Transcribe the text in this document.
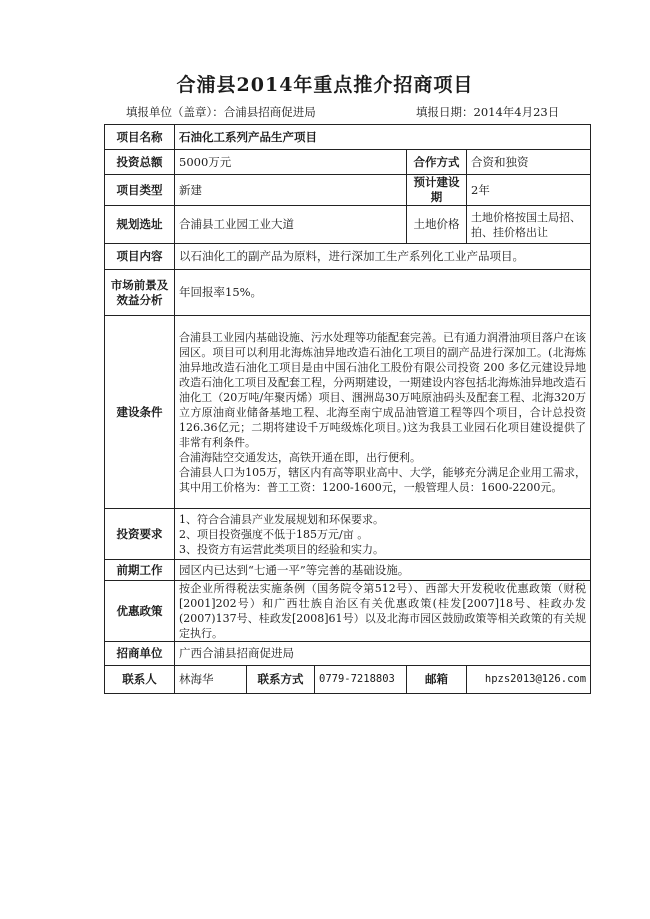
合浦县2014年重点推介招商项目
填报单位（盖章）：合浦县招商促进局	填报日期：2014年4月23日
项目名称	石油化工系列产品生产项目				
投资总额	5000万元			合作方式	合资和独资
项目类型	新建			预计建设期	2年
规划选址	合浦县工业园工业大道			土地价格	土地价格按国土局招、拍、挂价格出让
项目内容	以石油化工的副产品为原料，进行深加工生产系列化工业产品项目。				
市场前景及效益分析	年回报率15%。				
建设条件	合浦县工业园内基础设施、污水处理等功能配套完善。已有通力润滑油项目落户在该园区。项目可以利用北海炼油异地改造石油化工项目的副产品进行深加工。(北海炼油异地改造石油化工项目是由中国石油化工股份有限公司投资 200 多亿元建设异地改造石油化工项目及配套工程，分两期建设，一期建设内容包括北海炼油异地改造石油化工（20万吨/年聚丙烯）项目、涠洲岛30万吨原油码头及配套工程、北海320万立方原油商业储备基地工程、北海至南宁成品油管道工程等四个项目，合计总投资126.36亿元；二期将建设千万吨级炼化项目。)这为我县工业园石化项目建设提供了非常有利条件。
合浦海陆空交通发达，高铁开通在即，出行便利。
合浦县人口为105万，辖区内有高等职业高中、大学，能够充分满足企业用工需求，其中用工价格为：普工工资：1200-1600元，一般管理人员：1600-2200元。				

投资要求	1、符合合浦县产业发展规划和环保要求。
2、项目投资强度不低于185万元/亩 。
3、投资方有运营此类项目的经验和实力。				

前期工作	园区内已达到“七通一平”等完善的基础设施。				
优惠政策	按企业所得税法实施条例（国务院令第512号）、西部大开发税收优惠政策（财税[2001]202号）和广西壮族自治区有关优惠政策(桂发[2007]18号、桂政办发(2007)137号、桂政发[2008]61号）以及北海市园区鼓励政策等相关政策的有关规定执行。				
招商单位	广西合浦县招商促进局				
联系人	林海华	联系方式	0779-7218803	邮箱	hpzs2013@126.com
